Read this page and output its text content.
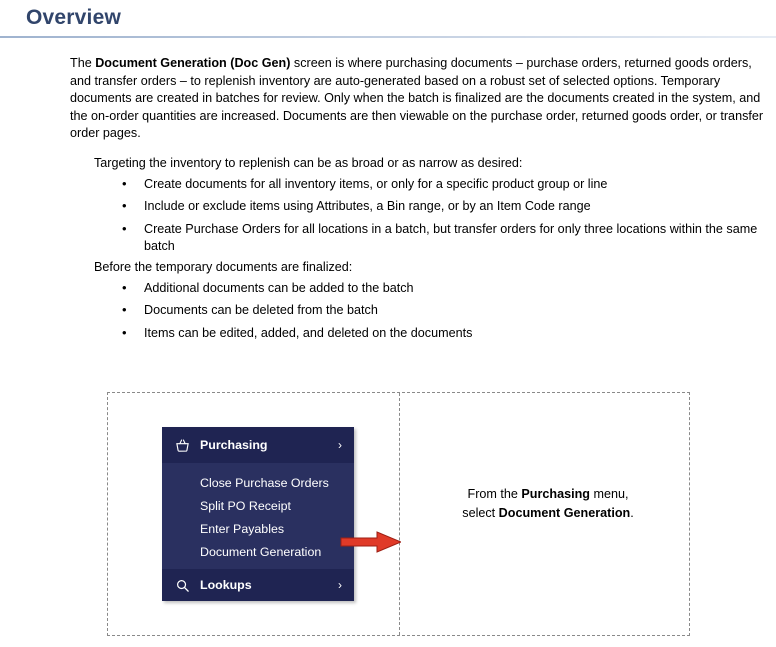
Overview
The Document Generation (Doc Gen) screen is where purchasing documents – purchase orders, returned goods orders, and transfer orders – to replenish inventory are auto-generated based on a robust set of selected options. Temporary documents are created in batches for review. Only when the batch is finalized are the documents created in the system, and the on-order quantities are increased. Documents are then viewable on the purchase order, returned goods order, or transfer order pages.
Targeting the inventory to replenish can be as broad or as narrow as desired:
• Create documents for all inventory items, or only for a specific product group or line
• Include or exclude items using Attributes, a Bin range, or by an Item Code range
• Create Purchase Orders for all locations in a batch, but transfer orders for only three locations within the same batch
Before the temporary documents are finalized:
• Additional documents can be added to the batch
• Documents can be deleted from the batch
• Items can be edited, added, and deleted on the documents
Purchasing	›
Close Purchase Orders
Split PO Receipt
Enter Payables
Document Generation
Lookups	›
From the Purchasing menu,
select Document Generation.
